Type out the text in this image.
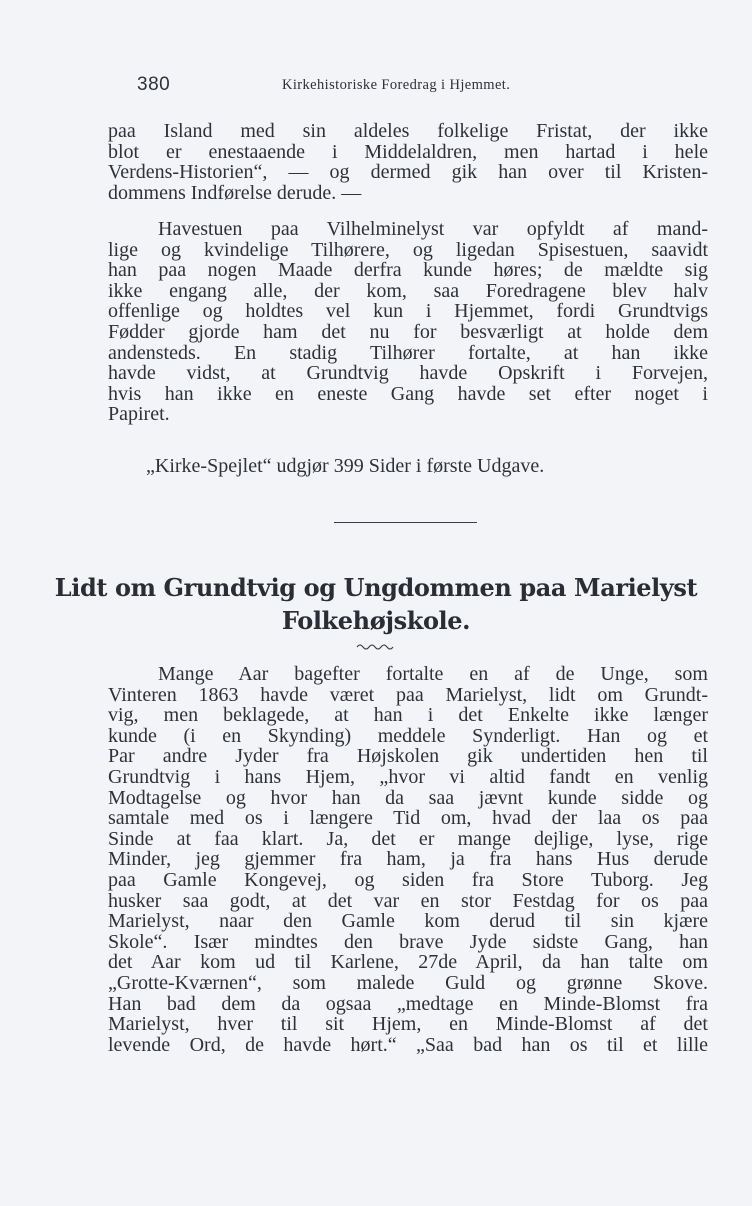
380	Kirkehistoriske Foredrag i Hjemmet.
paa Island med sin aldeles folkelige Fristat, der ikke
blot er enestaaende i Middelaldren, men hartad i hele
Verdens-Historien“, — og dermed gik han over til Kristen-
dommens Indførelse derude. —
Havestuen paa Vilhelminelyst var opfyldt af mand-
lige og kvindelige Tilhørere, og ligedan Spisestuen, saavidt
han paa nogen Maade derfra kunde høres; de mældte sig
ikke engang alle, der kom, saa Foredragene blev halv
offenlige og holdtes vel kun i Hjemmet, fordi Grundtvigs
Fødder gjorde ham det nu for besværligt at holde dem
andensteds. En stadig Tilhører fortalte, at han ikke
havde vidst, at Grundtvig havde Opskrift i Forvejen,
hvis han ikke en eneste Gang havde set efter noget i
Papiret.
„Kirke-Spejlet“ udgjør 399 Sider i første Udgave.
Lidt om Grundtvig og Ungdommen paa Marielyst
Folkehøjskole.
Mange Aar bagefter fortalte en af de Unge, som
Vinteren 1863 havde været paa Marielyst, lidt om Grundt-
vig, men beklagede, at han i det Enkelte ikke længer
kunde (i en Skynding) meddele Synderligt. Han og et
Par andre Jyder fra Højskolen gik undertiden hen til
Grundtvig i hans Hjem, „hvor vi altid fandt en venlig
Modtagelse og hvor han da saa jævnt kunde sidde og
samtale med os i længere Tid om, hvad der laa os paa
Sinde at faa klart. Ja, det er mange dejlige, lyse, rige
Minder, jeg gjemmer fra ham, ja fra hans Hus derude
paa Gamle Kongevej, og siden fra Store Tuborg. Jeg
husker saa godt, at det var en stor Festdag for os paa
Marielyst, naar den Gamle kom derud til sin kjære
Skole“. Især mindtes den brave Jyde sidste Gang, han
det Aar kom ud til Karlene, 27de April, da han talte om
„Grotte-Kværnen“, som malede Guld og grønne Skove.
Han bad dem da ogsaa „medtage en Minde-Blomst fra
Marielyst, hver til sit Hjem, en Minde-Blomst af det
levende Ord, de havde hørt.“ „Saa bad han os til et lille
